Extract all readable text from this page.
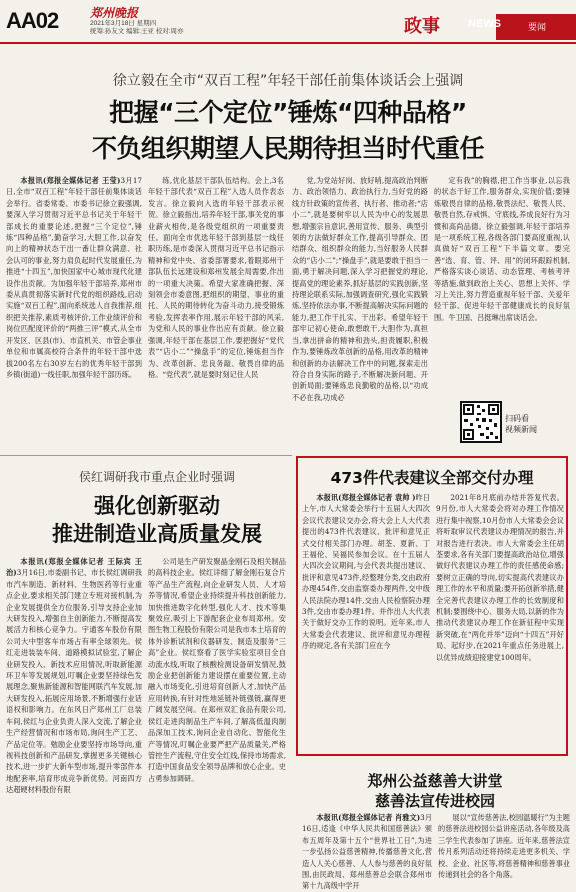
AA02	郑州晚报
2021年3月18日 星期四
统筹:孙友文 编辑:王亚 校对:周亦	政事	NEWS	要闻
徐立毅在全市“双百工程”年轻干部任前集体谈话会上强调
把握“三个定位”锤炼“四种品格”
不负组织期望人民期待担当时代重任

本报讯(郑报全媒体记者 王莹)3月17日,全市“双百工程”年轻干部任前集体谈话会举行。省委常委、市委书记徐立毅强调,要深入学习贯彻习近平总书记关于年轻干部成长的重要论述,把握“三个定位”,锤炼“四种品格”,勤奋学习,大胆工作,以奋发向上的精神状态干出一番让群众满意、社会认可的事业,努力肩负起时代发展重任,为推进“十四五”,加快国家中心城市现代化建设作出贡献。为加强年轻干部培养,郑州市委从真贯彻落实新时代党的组织路线,启动实施“双百工程”,面向系统选人自我推荐,组织把关推荐,素质考核评价,工作业绩评价和岗位匹配度评价的“两推三评”模式,从全市开发区、区县(市)、市直机关、市管企事业单位和市属高校符合条件的年轻干部中选拔200名左右30岁左右的优秀年轻干部到乡镇(街道)一线任职,加强年轻干部历练。

练,优化基层干部队伍结构。会上,3名年轻干部代表“双百工程”入选人员作表态发言。徐立毅向入选的年轻干部表示祝贺。徐立毅指出,培养年轻干部,事关党的事业薪火相传,是各级党组织的一项重要责任。面向全市优选年轻干部到基层一线任职历练,是市委深入贯彻习近平总书记指示精神和党中央、省委部署要求,着眼郑州干部队伍长远建设和郑州发展全局需要,作出的一项重大决策。希望大家准确把握、深刻领会市委意图,把组织的期望、事业的重托、人民的期待转化为奋斗动力,接受锻炼考验,发挥表率作用,展示年轻干部的风采,为党和人民的事业作出应有贡献。徐立毅强调,年轻干部在基层工作,要把握好“党代表”“店小二”“操盘手”的定位,锤炼担当作为、改革创新、忠良务敲、敬畏自律的品格。“党代表”,就是要时刻记住人民

党,为党站好岗、放好哨,提高政治判断力、政治领悟力、政治执行力,当好党的路线方针政策的宣传者、执行者、推动者;“店小二”,就是要树牢以人民为中心的发展思想,增强宗旨意识,善用宣传、服务、典型引领的方法做好群众工作,提高引导群众、团结群众、组织群众的能力,当好服务人民群众的“店小二”;“操盘手”,就是要敢于担当一面,勇于解决问题,深入学习把握党的理论,提高党的理论素养,抓好基层的实践创新,坚持理论联系实际,加强调查研究,强化实践锻炼,坚持依法办事,不断提高解决实际问题的能力,把工作干扎实、干出彩。希望年轻干部牢记初心使命,敢想敢干,大胆作为,真担当,拿出拼命的精神和劲头,担责履职,积极作为,要锤炼改革创新的品格,用改革的精神和创新的办法解决工作中的问题,探索走出符合自身实际的路子,不断解决新问题、开创新局面;要锤炼忠良勤敬的品格,以“功成不必在我,功成必

定有我”的胸襟,把工作当事业,以忘我的状态干好工作,服务群众,实现价值;要锤炼敬畏自律的品格,敬畏法纪、敬畏人民、敬畏自然,存戒惧、守底线,养成良好行为习惯和高尚品德。徐立毅强调,年轻干部培养是一项系统工程,各级各部门要高度重视,认真做好“双百工程”下半篇文章。要完善“选、育、管、评、用”的闭环跟踪机制,严格落实谈心谈话、动态管理、考核考评等措施,做到政治上关心、思想上关怀、学习上关注,努力营造重视年轻干部、关爱年轻干部、促进年轻干部健康成长的良好氛围。牛卫国、吕挺琳出席谈话会。

扫码看
视频新闻
侯红调研我市重点企业时强调
强化创新驱动
推进制造业高质量发展

本报讯(郑报全媒体记者 王际宾 王治)3月16日,市委副书记、市长侯红调研我市汽车制造、新材料、生物医药等行业重点企业,要求相关部门建立专班对接机制,为企业发展提供全方位服务,引导支持企业加大研发投入,增强自主创新能力,不断提高发展活力和核心竞争力。宇通客车股份有限公司大中型客车市场占有率全球领先。侯红走进装装车间、道路模拟试验室,了解企业研发投入、新技术应用情况,听取新能源环卫车等发展规划,叮嘱企业要坚持绿色发展理念,聚焦新能源和智能网联汽车发展,加大研发投入,拓展应用场景,不断增强行业话语权和影响力。在东风日产郑州工厂总装车间,侯红与企业负责人深入交流,了解企业生产经营情况和市场布局,询问生产工艺、产品定位等。勉励企业要坚持市场导向,重视科技创新和产品研发,掌握更多关键核心技术,进一步扩大新车型市场,提升零部件本地配套率,培育形成竞争新优势。河南四方达超硬材料股份有限

公司是生产研发聚晶金刚石及相关制品的高科技企业。侯红详细了解金刚石复合片等产品生产流程,向企业研发人员、人才培养等情况,希望企业持续提升科技创新能力,加快推进数字化转型,强化人才、技术等集聚效应,吸引上下游配套企业布局郑州。安图生物工程股份有限公司是我市本土培育的体外诊断试剂和仪器研发、制造及服务“三高”企业。侯红察看了医学实验室项目全自动流水线,听取了核酸检测设备研发情况,鼓励企业把创新能力建设摆在重要位置,主动融入市场变化,引进培育创新人才,加快产品应用转换,有针对性地延链补链强链,赢得更广阔发展空间。在郑州双汇食品有限公司,侯红走进肉制品生产车间,了解高低温肉制品深加工技术,询问企业自动化、智能化生产等情况,叮嘱企业要严把产品质量关,严格管控生产流程,守住安全红线,保持市场需求,打造中国食品安全领导品牌和放心企业。史占勇参加调研。

473件代表建议全部交付办理

本报讯(郑报全媒体记者 袁帅 )昨日上午,市人大常委会举行十五届人大四次会议代表建议交办会,将大会上人大代表提出的473件代表建议、批评和意见正式交付相关部门办理。胡荃、夏新、丁王福伦、吴福民参加会议。在十五届人大四次会议期间,与会代表共提出建议、批评和意见473件,经整理分类,交由政府办理454件,交由监察委办理两件,交中级人民法院办理14件,交由人民检察院办理3件,交由市委办理1件。并作出人大代表关于做好交办工作的说明。近年来,市人大常委会代表建议、批评和意见办理程序的规定,各有关部门应在今

2021年8月底前办结并答复代表。9月份,市人大常委会将对办理工作情况进行集中视察,10月份市人大常委会会议将听取审议代表建议办理情况的报告,并对报告进行表决。市人大常委会主任胡荃要求,各有关部门要提高政治站位,增强做好代表建议办理工作的责任感使命感;要树立正确的导向,切实提高代表建议办理工作的水平和质量;要开拓创新举措,健全完善代表建议办理工作的长效制度和机制;要围绕中心、服务大局,以新的作为推动代表建议办理工作在新征程中实现新突破,在“两化并举”迈向“十四五”开好局、起好步,在2021年重点任务进展上,以优异成绩迎接建党100周年。

郑州公益慈善大讲堂
慈善法宣传进校园

本报讯(郑报全媒体记者 肖雅文)3月16日,适逢《中华人民共和国慈善法》颁布五周年及第十五个“世界社工日”,为进一步弘扬公益慈善精神,传播慈善文化,营造人人关心慈善、人人参与慈善的良好氛围,由民政局、郑州慈善总会联合郑州市第十九高级中学开

展以“宣传慈善法,校园温暖行”为主题的慈善法进校园公益讲座活动,各年级及高三学生代表参加了讲座。近年来,慈善法宣传月系列活动还将持续走进更多机关、学校、企业、社区等,将慈善精神和慈善事业传递到社会的各个角落。
